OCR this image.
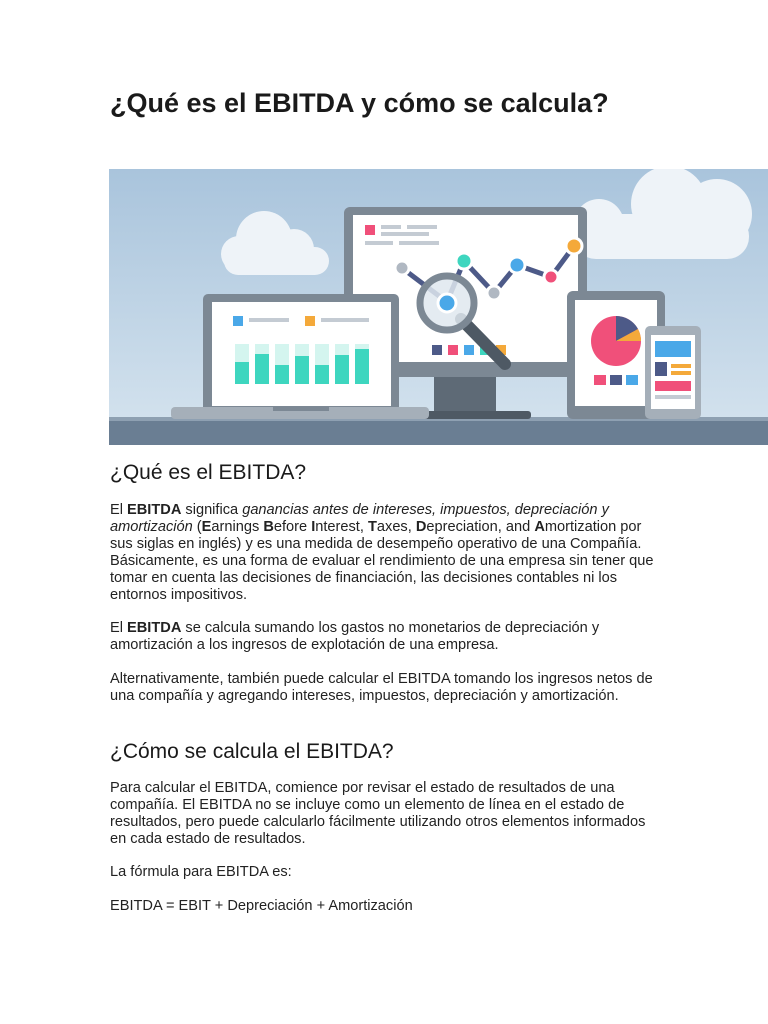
¿Qué es el EBITDA y cómo se calcula?
¿Qué es el EBITDA?

El EBITDA significa ganancias antes de intereses, impuestos, depreciación y amortización (Earnings Before Interest, Taxes, Depreciation, and Amortization por sus siglas en inglés) y es una medida de desempeño operativo de una Compañía. Básicamente, es una forma de evaluar el rendimiento de una empresa sin tener que tomar en cuenta las decisiones de financiación, las decisiones contables ni los entornos impositivos.

El EBITDA se calcula sumando los gastos no monetarios de depreciación y amortización a los ingresos de explotación de una empresa.

Alternativamente, también puede calcular el EBITDA tomando los ingresos netos de una compañía y agregando intereses, impuestos, depreciación y amortización.

¿Cómo se calcula el EBITDA?

Para calcular el EBITDA, comience por revisar el estado de resultados de una compañía. El EBITDA no se incluye como un elemento de línea en el estado de resultados, pero puede calcularlo fácilmente utilizando otros elementos informados en cada estado de resultados.

La fórmula para EBITDA es:

EBITDA = EBIT + Depreciación + Amortización
